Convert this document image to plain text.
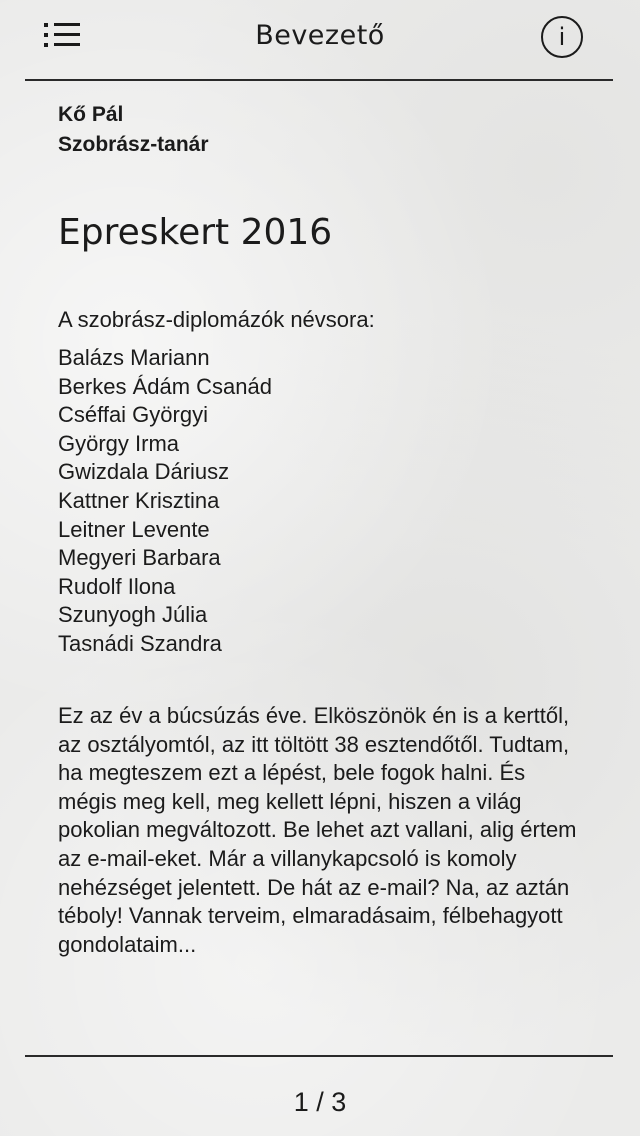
Bevezető	i
Kő Pál
Szobrász-tanár
Epreskert 2016
A szobrász-diplomázók névsora:
Balázs Mariann
Berkes Ádám Csanád
Cséffai Györgyi
György Irma
Gwizdala Dáriusz
Kattner Krisztina
Leitner Levente
Megyeri Barbara
Rudolf Ilona
Szunyogh Júlia
Tasnádi Szandra

Ez az év a búcsúzás éve. Elköszönök én is a kerttől, az osztályomtól, az itt töltött 38 esztendőtől. Tudtam, ha megteszem ezt a lépést, bele fogok halni. És mégis meg kell, meg kellett lépni, hiszen a világ pokolian megváltozott. Be lehet azt vallani, alig értem az e-mail-eket. Már a villanykapcsoló is komoly nehézséget jelentett. De hát az e-mail? Na, az aztán téboly! Vannak terveim, elmaradásaim, félbehagyott gondolataim...

1 / 3
